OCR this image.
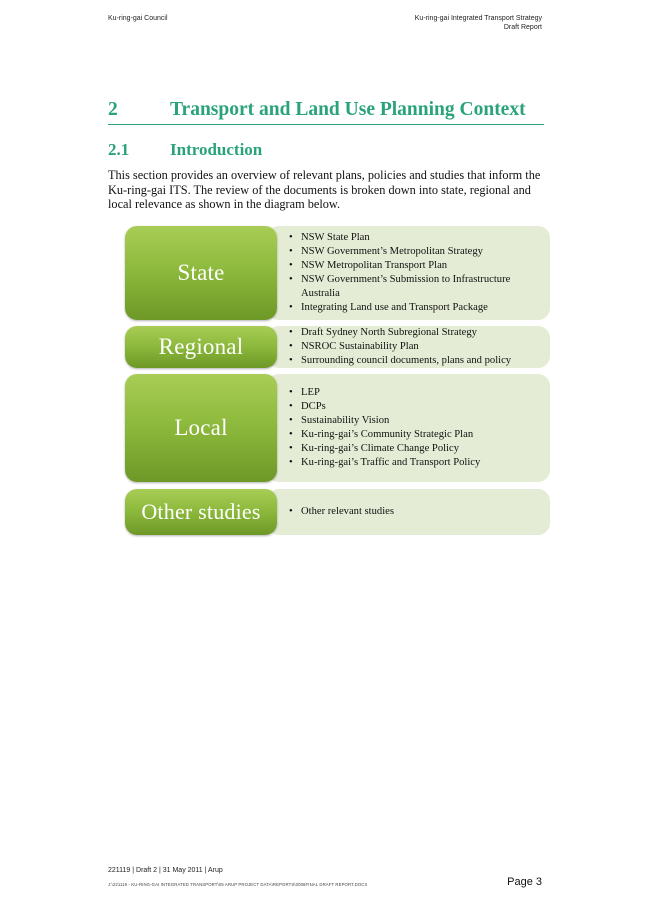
Ku-ring-gai Council	Ku-ring-gai Integrated Transport Strategy
Draft Report
2	Transport and Land Use Planning Context
2.1 Introduction

This section provides an overview of relevant plans, policies and studies that inform the Ku-ring-gai ITS. The review of the documents is broken down into state, regional and local relevance as shown in the diagram below.

State
• NSW State Plan
• NSW Government’s Metropolitan Strategy
• NSW Metropolitan Transport Plan
• NSW Government’s Submission to Infrastructure Australia
• Integrating Land use and Transport Package
Regional
• Draft Sydney North Subregional Strategy
• NSROC Sustainability Plan
• Surrounding council documents, plans and policy
Local
• LEP
• DCPs
• Sustainability Vision
• Ku-ring-gai’s Community Strategic Plan
• Ku-ring-gai’s Climate Change Policy
• Ku-ring-gai’s Traffic and Transport Policy
Other studies	• Other relevant studies
221119 | Draft 2 | 31 May 2011 | Arup
J:\221119 - KU-RING-GAI INTEGRATED TRANSPORT\05 ARUP PROJECT DATA\REPORTS\0006FINAL DRAFT REPORT.DOCX	Page 3
